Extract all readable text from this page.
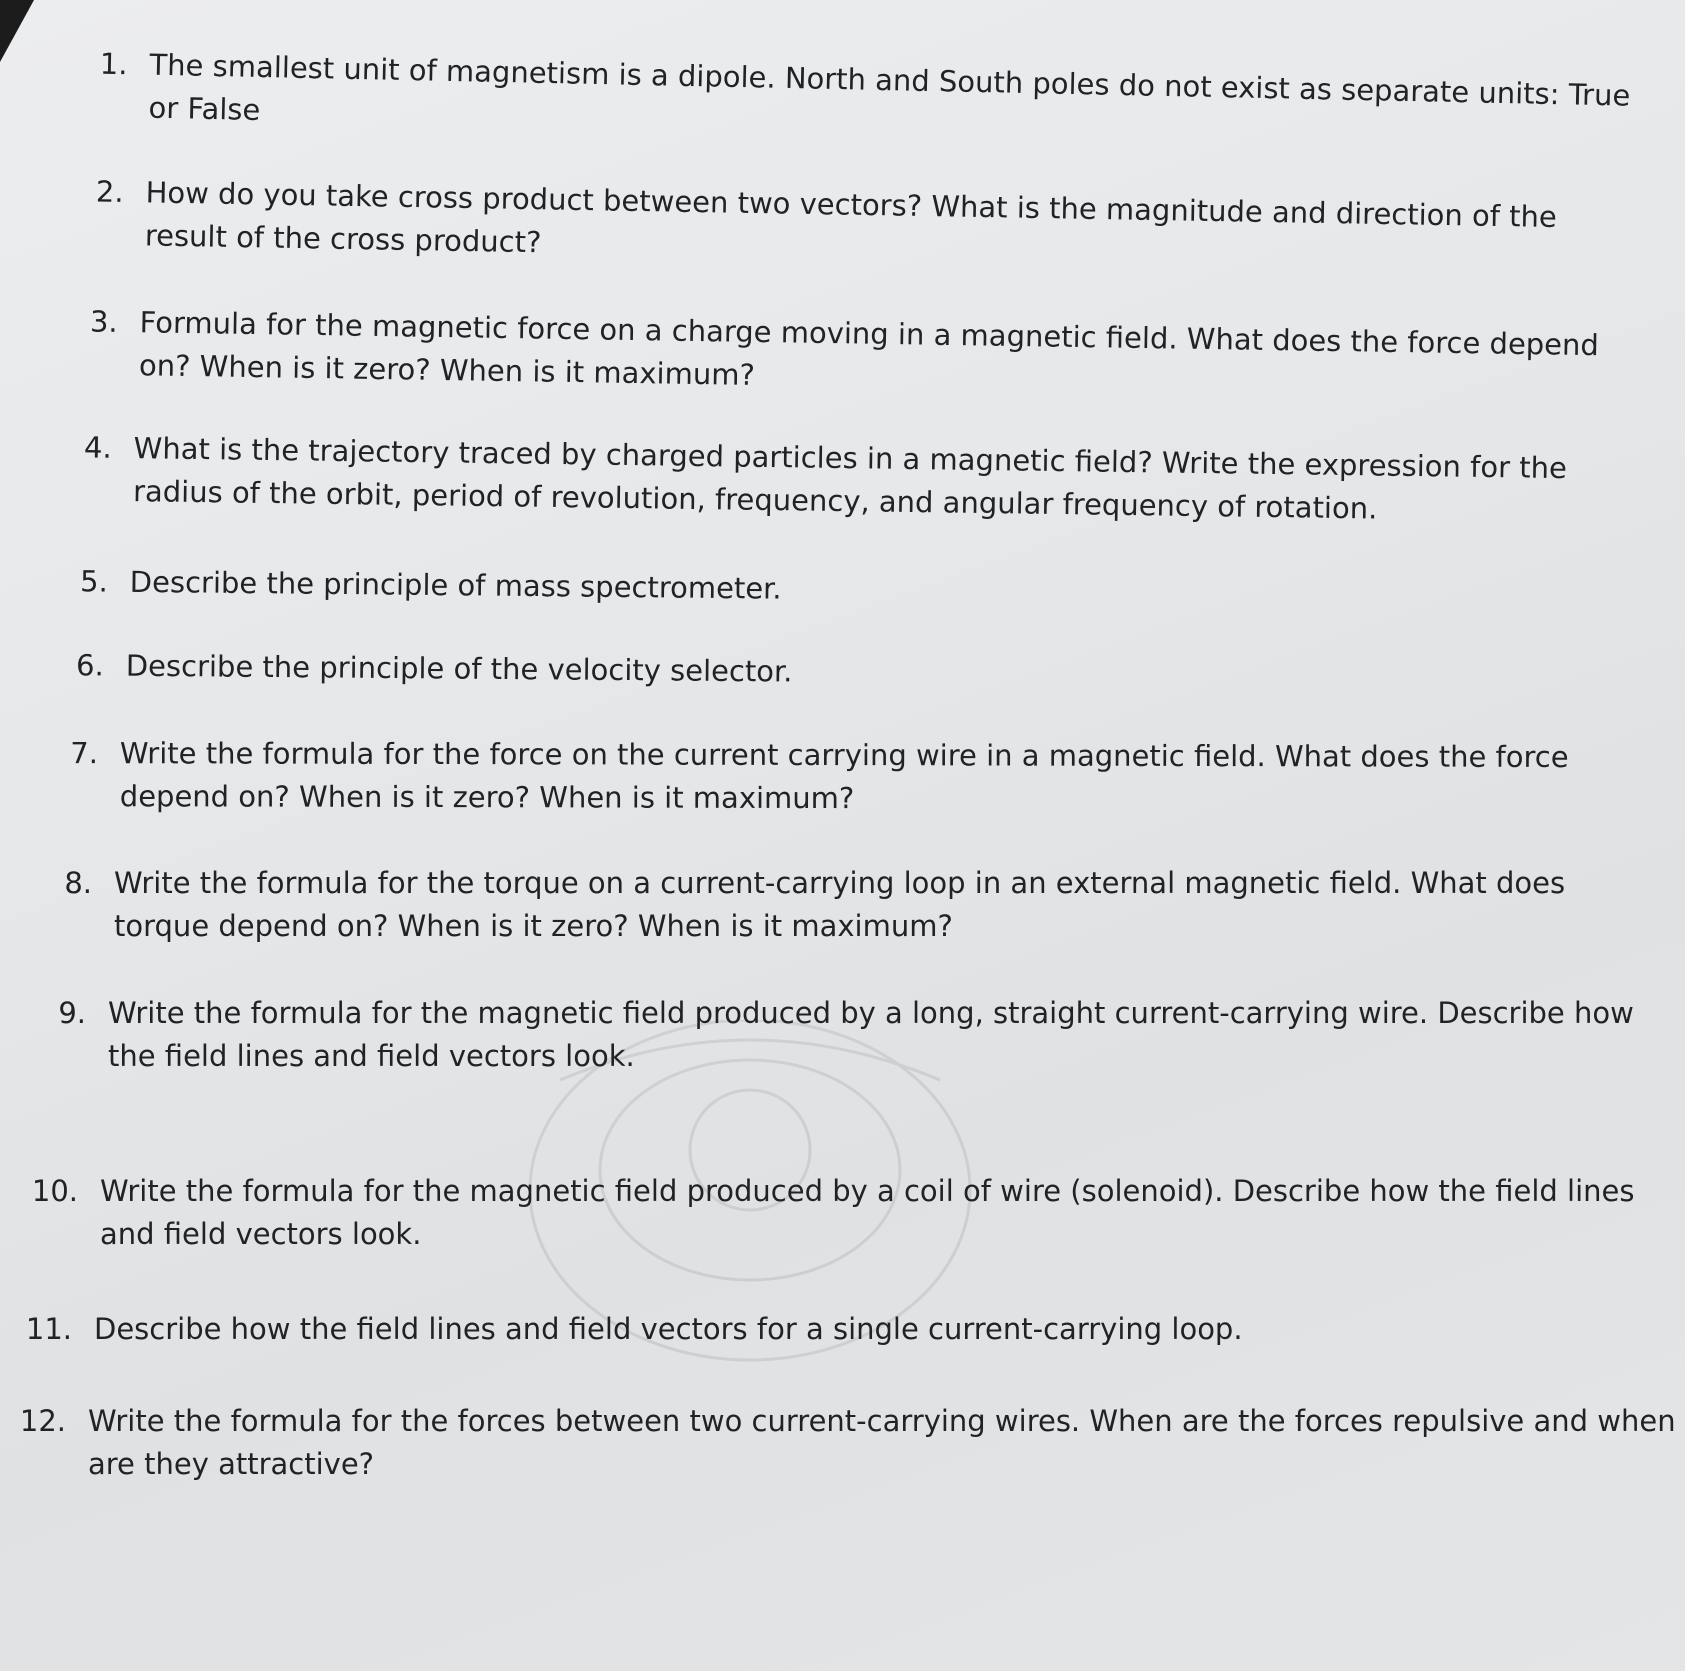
1. The smallest unit of magnetism is a dipole. North and South poles do not exist as separate units: True or False
2. How do you take cross product between two vectors? What is the magnitude and direction of the result of the cross product?
3. Formula for the magnetic force on a charge moving in a magnetic field. What does the force depend on? When is it zero? When is it maximum?
4. What is the trajectory traced by charged particles in a magnetic field? Write the expression for the radius of the orbit, period of revolution, frequency, and angular frequency of rotation.
5. Describe the principle of mass spectrometer.
6. Describe the principle of the velocity selector.
7. Write the formula for the force on the current carrying wire in a magnetic field. What does the force depend on? When is it zero? When is it maximum?
8. Write the formula for the torque on a current-carrying loop in an external magnetic field. What does torque depend on? When is it zero? When is it maximum?
9. Write the formula for the magnetic field produced by a long, straight current-carrying wire. Describe how the field lines and field vectors look.
10. Write the formula for the magnetic field produced by a coil of wire (solenoid). Describe how the field lines and field vectors look.
11. Describe how the field lines and field vectors for a single current-carrying loop.
12. Write the formula for the forces between two current-carrying wires. When are the forces repulsive and when are they attractive?
